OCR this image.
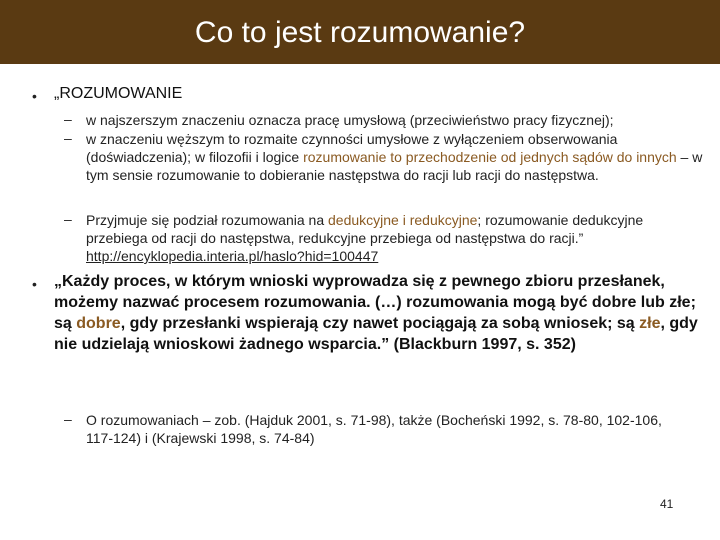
Co to jest rozumowanie?
• „ROZUMOWANIE
– w najszerszym znaczeniu oznacza pracę umysłową (przeciwieństwo pracy fizycznej);
– w znaczeniu węższym to rozmaite czynności umysłowe z wyłączeniem obserwowania (doświadczenia); w filozofii i logice rozumowanie to przechodzenie od jednych sądów do innych – w tym sensie rozumowanie to dobieranie następstwa do racji lub racji do następstwa.
– Przyjmuje się podział rozumowania na dedukcyjne i redukcyjne; rozumowanie dedukcyjne przebiega od racji do następstwa, redukcyjne przebiega od następstwa do racji.” http://encyklopedia.interia.pl/haslo?hid=100447
• „Każdy proces, w którym wnioski wyprowadza się z pewnego zbioru przesłanek, możemy nazwać procesem rozumowania. (…) rozumowania mogą być dobre lub złe; są dobre, gdy przesłanki wspierają czy nawet pociągają za sobą wniosek; są złe, gdy nie udzielają wnioskowi żadnego wsparcia.” (Blackburn 1997, s. 352)
– O rozumowaniach – zob. (Hajduk 2001, s. 71-98), także (Bocheński 1992, s. 78-80, 102-106, 117-124) i (Krajewski 1998, s. 74-84)
41
